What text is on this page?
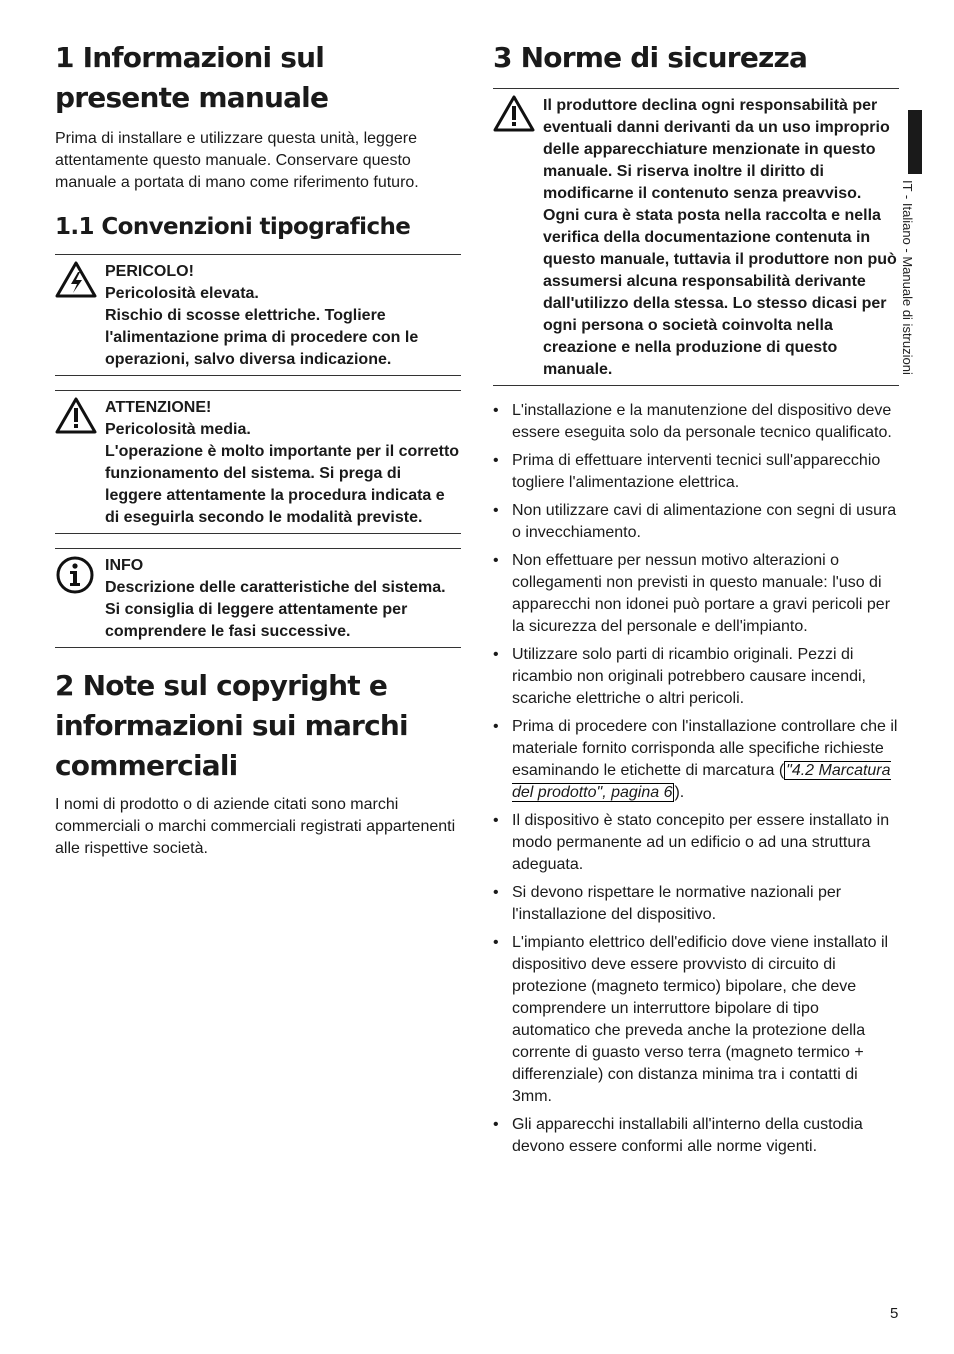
1 Informazioni sul presente manuale

Prima di installare e utilizzare questa unità, leggere attentamente questo manuale. Conservare questo manuale a portata di mano come riferimento futuro.

1.1 Convenzioni tipografiche
PERICOLO!
Pericolosità elevata.
Rischio di scosse elettriche. Togliere l'alimentazione prima di procedere con le operazioni, salvo diversa indicazione.
ATTENZIONE!
Pericolosità media.
L'operazione è molto importante per il corretto funzionamento del sistema. Si prega di leggere attentamente la procedura indicata e di eseguirla secondo le modalità previste.
INFO
Descrizione delle caratteristiche del sistema.
Si consiglia di leggere attentamente per comprendere le fasi successive.
2 Note sul copyright e informazioni sui marchi commerciali

I nomi di prodotto o di aziende citati sono marchi commerciali o marchi commerciali registrati appartenenti alle rispettive società.

3 Norme di sicurezza
Il produttore declina ogni responsabilità per eventuali danni derivanti da un uso improprio delle apparecchiature menzionate in questo manuale. Si riserva inoltre il diritto di modificarne il contenuto senza preavviso. Ogni cura è stata posta nella raccolta e nella verifica della documentazione contenuta in questo manuale, tuttavia il produttore non può assumersi alcuna responsabilità derivante dall'utilizzo della stessa. Lo stesso dicasi per ogni persona o società coinvolta nella creazione e nella produzione di questo manuale.
• L'installazione e la manutenzione del dispositivo deve essere eseguita solo da personale tecnico qualificato.
• Prima di effettuare interventi tecnici sull'apparecchio togliere l'alimentazione elettrica.
• Non utilizzare cavi di alimentazione con segni di usura o invecchiamento.
• Non effettuare per nessun motivo alterazioni o collegamenti non previsti in questo manuale: l'uso di apparecchi non idonei può portare a gravi pericoli per la sicurezza del personale e dell'impianto.
• Utilizzare solo parti di ricambio originali. Pezzi di ricambio non originali potrebbero causare incendi, scariche elettriche o altri pericoli.
• Prima di procedere con l'installazione controllare che il materiale fornito corrisponda alle specifiche richieste esaminando le etichette di marcatura ( "4.2 Marcatura del prodotto", pagina 6 ).
• Il dispositivo è stato concepito per essere installato in modo permanente ad un edificio o ad una struttura adeguata.
• Si devono rispettare le normative nazionali per l'installazione del dispositivo.
• L'impianto elettrico dell'edificio dove viene installato il dispositivo deve essere provvisto di circuito di protezione (magneto termico) bipolare, che deve comprendere un interruttore bipolare di tipo automatico che preveda anche la protezione della corrente di guasto verso terra (magneto termico + differenziale) con distanza minima tra i contatti di 3mm.
• Gli apparecchi installabili all'interno della custodia devono essere conformi alle norme vigenti.
IT - Italiano - Manuale di istruzioni
5
